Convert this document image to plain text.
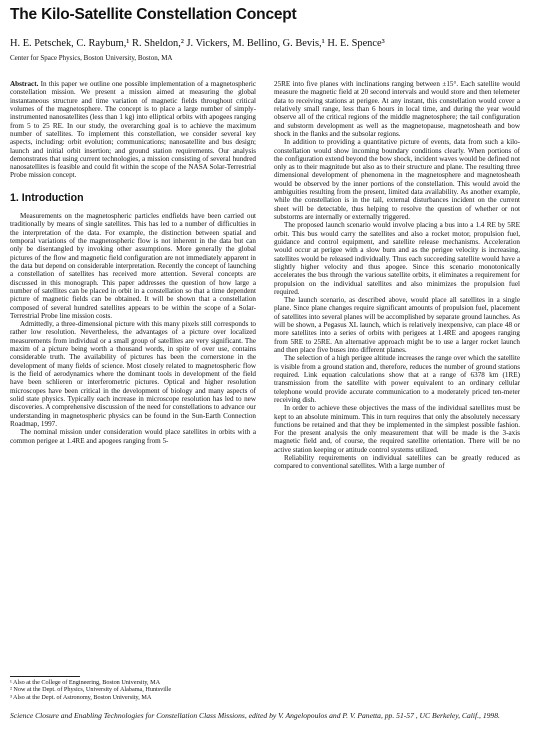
The Kilo-Satellite Constellation Concept
H. E. Petschek, C. Raybum,¹ R. Sheldon,² J. Vickers, M. Bellino, G. Bevis,¹ H. E. Spence³
Center for Space Physics, Boston University, Boston, MA

Abstract. In this paper we outline one possible implementation of a magnetospheric constellation mission. We present a mission aimed at measuring the global instantaneous structure and time variation of magnetic fields throughout critical volumes of the magnetosphere. The concept is to place a large number of simply-instrumented nanosatellites (less than 1 kg) into elliptical orbits with apogees ranging from 5 to 25 RE. In our study, the overarching goal is to achieve the maximum number of satellites. To implement this constellation, we consider several key aspects, including: orbit evolution; communications; nanosatellite and bus design; launch and initial orbit insertion; and ground station requirements. Our analysis demonstrates that using current technologies, a mission consisting of several hundred nanosatellites is feasible and could fit within the scope of the NASA Solar-Terrestrial Probe mission concept.

1. Introduction

Measurements on the magnetospheric particles endfields have been carried out traditionally by means of single satellites. This has led to a number of difficulties in the interpretation of the data. For example, the distinction between spatial and temporal variations of the magnetospheric flow is not inherent in the data but can only be disentangled by invoking other assumptions. More generally the global pictures of the flow and magnetic field configuration are not immediately apparent in the data but depend on considerable interpretation. Recently the concept of launching a constellation of satellites has received more attention. Several concepts are discussed in this monograph. This paper addresses the question of how large a number of satellites can be placed in orbit in a constellation so that a time dependent picture of magnetic fields can be obtained. It will be shown that a constellation composed of several hundred satellites appears to be within the scope of a Solar-Terrestrial Probe line mission costs.

Admittedly, a three-dimensional picture with this many pixels still corresponds to rather low resolution. Nevertheless, the advantages of a picture over localized measurements from individual or a small group of satellites are very significant. The maxim of a picture being worth a thousand words, in spite of over use, contains considerable truth. The availability of pictures has been the cornerstone in the development of many fields of science. Most closely related to magnetospheric flow is the field of aerodynamics where the dominant tools in development of the field have been schlieren or interferometric pictures. Optical and higher resolution microscopes have been critical in the development of biology and many aspects of solid state physics. Typically each increase in microscope resolution has led to new discoveries. A comprehensive discussion of the need for constellations to advance our understanding in magnetospheric physics can be found in the Sun-Earth Connection Roadmap, 1997.

The nominal mission under consideration would place satellites in orbits with a common perigee at 1.4RE and apogees ranging from 5-

25RE into five planes with inclinations ranging between ±15°. Each satellite would measure the magnetic field at 20 second intervals and would store and then telemeter data to receiving stations at perigee. At any instant, this constellation would cover a relatively small range, less than 6 hours in local time, and during the year would observe all of the critical regions of the middle magnetosphere; the tail configuration and substorm development as well as the magnetopause, magnetosheath and bow shock in the flanks and the subsolar regions.

In addition to providing a quantitative picture of events, data from such a kilo-constellation would show incoming boundary conditions clearly. When portions of the configuration extend beyond the bow shock, incident waves would be defined not only as to their magnitude but also as to their structure and plane. The resulting three dimensional development of phenomena in the magnetosphere and magnetosheath would be observed by the inner portions of the constellation. This would avoid the ambiguities resulting from the present, limited data availability. As another example, while the constellation is in the tail, external disturbances incident on the current sheet will be detectable, thus helping to resolve the question of whether or not substorms are internally or externally triggered.

The proposed launch scenario would involve placing a bus into a 1.4 RE by 5RE orbit. This bus would carry the satellites and also a rocket motor, propulsion fuel, guidance and control equipment, and satellite release mechanisms. Acceleration would occur at perigee with a slow burn and as the perigee velocity is increasing, satellites would be released individually. Thus each succeeding satellite would have a slightly higher velocity and thus apogee. Since this scenario monotonically accelerates the bus through the various satellite orbits, it eliminates a requirement for propulsion on the individual satellites and also minimizes the propulsion fuel required.

The launch scenario, as described above, would place all satellites in a single plane. Since plane changes require significant amounts of propulsion fuel, placement of satellites into several planes will be accomplished by separate ground launches. As will be shown, a Pegasus XL launch, which is relatively inexpensive, can place 48 or more satellites into a series of orbits with perigees at 1.4RE and apogees ranging from 5RE to 25RE. An alternative approach might be to use a larger rocket launch and then place five buses into different planes.

The selection of a high perigee altitude increases the range over which the satellite is visible from a ground station and, therefore, reduces the number of ground stations required. Link equation calculations show that at a range of 6378 km (1RE) transmission from the satellite with power equivalent to an ordinary cellular telephone would provide accurate communication to a moderately priced ten-meter receiving dish.

In order to achieve these objectives the mass of the individual satellites must be kept to an absolute minimum. This in turn requires that only the absolutely necessary functions be retained and that they be implemented in the simplest possible fashion. For the present analysis the only measurement that will be made is the 3-axis magnetic field and, of course, the required satellite orientation. There will be no active station keeping or attitude control systems utilized.

Reliability requirements on individual satellites can be greatly reduced as compared to conventional satellites. With a large number of

¹ Also at the College of Engineering, Boston University, MA
² Now at the Dept. of Physics, University of Alabama, Huntsville
³ Also at the Dept. of Astronomy, Boston University, MA
Science Closure and Enabling Technologies for Constellation Class Missions, edited by V. Angelopoulos and P. V. Panetta, pp. 51-57 , UC Berkeley, Calif., 1998.
